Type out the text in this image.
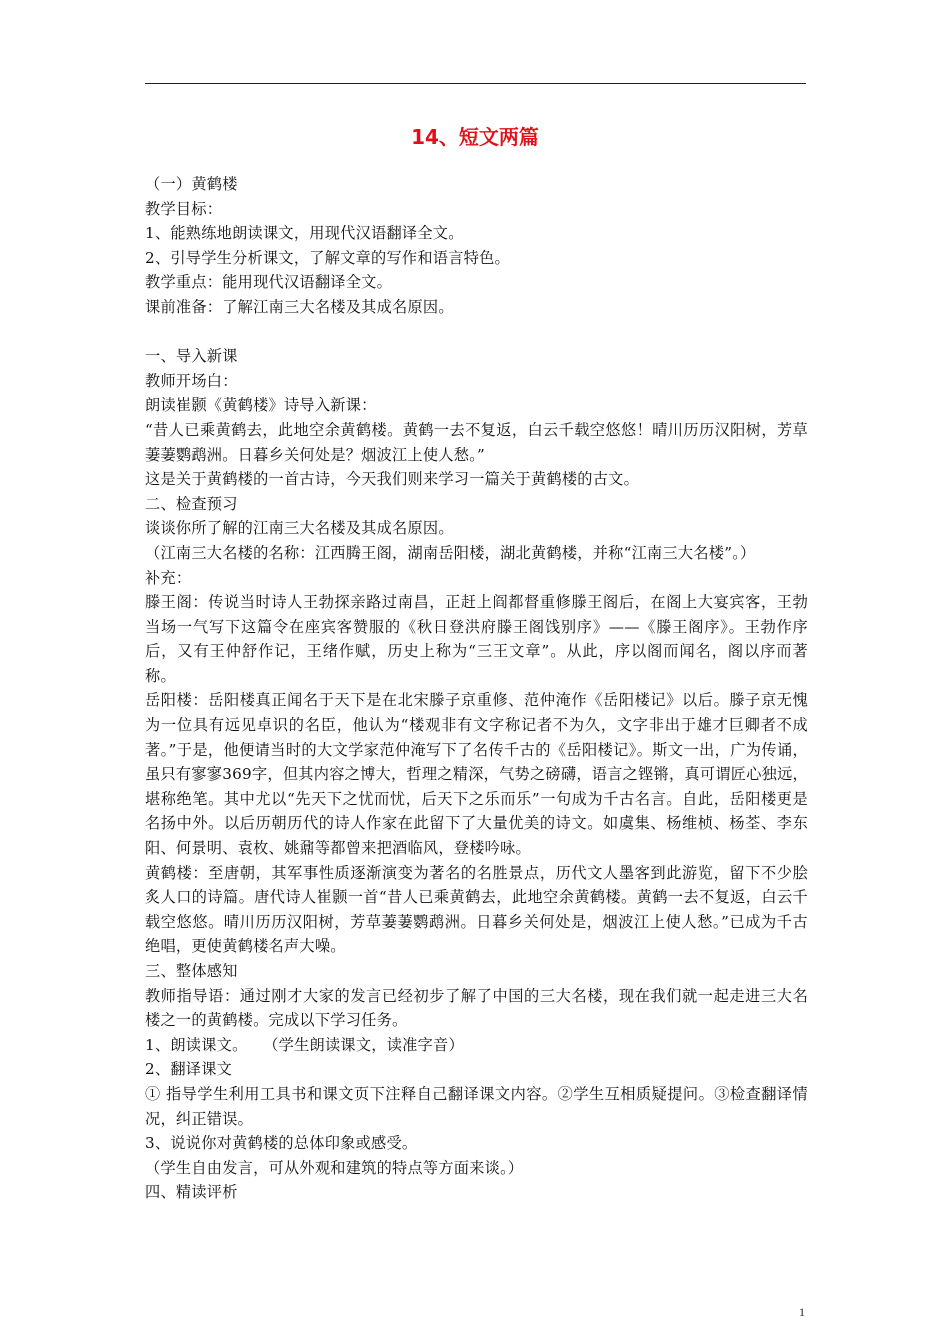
14、短文两篇

（一）黄鹤楼

教学目标：

1、能熟练地朗读课文，用现代汉语翻译全文。

2、引导学生分析课文，了解文章的写作和语言特色。

教学重点：能用现代汉语翻译全文。

课前准备：了解江南三大名楼及其成名原因。

一、导入新课

教师开场白：

朗读崔颢《黄鹤楼》诗导入新课：

“昔人已乘黄鹤去，此地空余黄鹤楼。黄鹤一去不复返，白云千载空悠悠！晴川历历汉阳树，芳草萋萋鹦鹉洲。日暮乡关何处是？烟波江上使人愁。”

这是关于黄鹤楼的一首古诗，今天我们则来学习一篇关于黄鹤楼的古文。

二、检查预习

谈谈你所了解的江南三大名楼及其成名原因。

（江南三大名楼的名称：江西腾王阁，湖南岳阳楼，湖北黄鹤楼，并称“江南三大名楼”。）

补充：

滕王阁：传说当时诗人王勃探亲路过南昌，正赶上阎都督重修滕王阁后，在阁上大宴宾客，王勃当场一气写下这篇令在座宾客赞服的《秋日登洪府滕王阁饯别序》——《滕王阁序》。王勃作序后，又有王仲舒作记，王绪作赋，历史上称为“三王文章”。从此，序以阁而闻名，阁以序而著称。

岳阳楼：岳阳楼真正闻名于天下是在北宋滕子京重修、范仲淹作《岳阳楼记》以后。滕子京无愧为一位具有远见卓识的名臣，他认为“楼观非有文字称记者不为久，文字非出于雄才巨卿者不成著。”于是，他便请当时的大文学家范仲淹写下了名传千古的《岳阳楼记》。斯文一出，广为传诵，虽只有寥寥369字，但其内容之博大，哲理之精深，气势之磅礴，语言之铿锵，真可谓匠心独远，堪称绝笔。其中尤以“先天下之忧而忧，后天下之乐而乐”一句成为千古名言。自此，岳阳楼更是名扬中外。以后历朝历代的诗人作家在此留下了大量优美的诗文。如虞集、杨维桢、杨荃、李东阳、何景明、袁枚、姚鼐等都曾来把酒临风，登楼吟咏。

黄鹤楼：至唐朝，其军事性质逐渐演变为著名的名胜景点，历代文人墨客到此游览，留下不少脍炙人口的诗篇。唐代诗人崔颢一首“昔人已乘黄鹤去，此地空余黄鹤楼。黄鹤一去不复返，白云千载空悠悠。晴川历历汉阳树，芳草萋萋鹦鹉洲。日暮乡关何处是，烟波江上使人愁。”已成为千古绝唱，更使黄鹤楼名声大噪。

三、整体感知

教师指导语：通过刚才大家的发言已经初步了解了中国的三大名楼，现在我们就一起走进三大名楼之一的黄鹤楼。完成以下学习任务。

1、朗读课文。　　（学生朗读课文，读准字音）

2、翻译课文

① 指导学生利用工具书和课文页下注释自己翻译课文内容。②学生互相质疑提问。③检查翻译情况，纠正错误。

3、说说你对黄鹤楼的总体印象或感受。

（学生自由发言，可从外观和建筑的特点等方面来谈。）

四、精读评析

1
